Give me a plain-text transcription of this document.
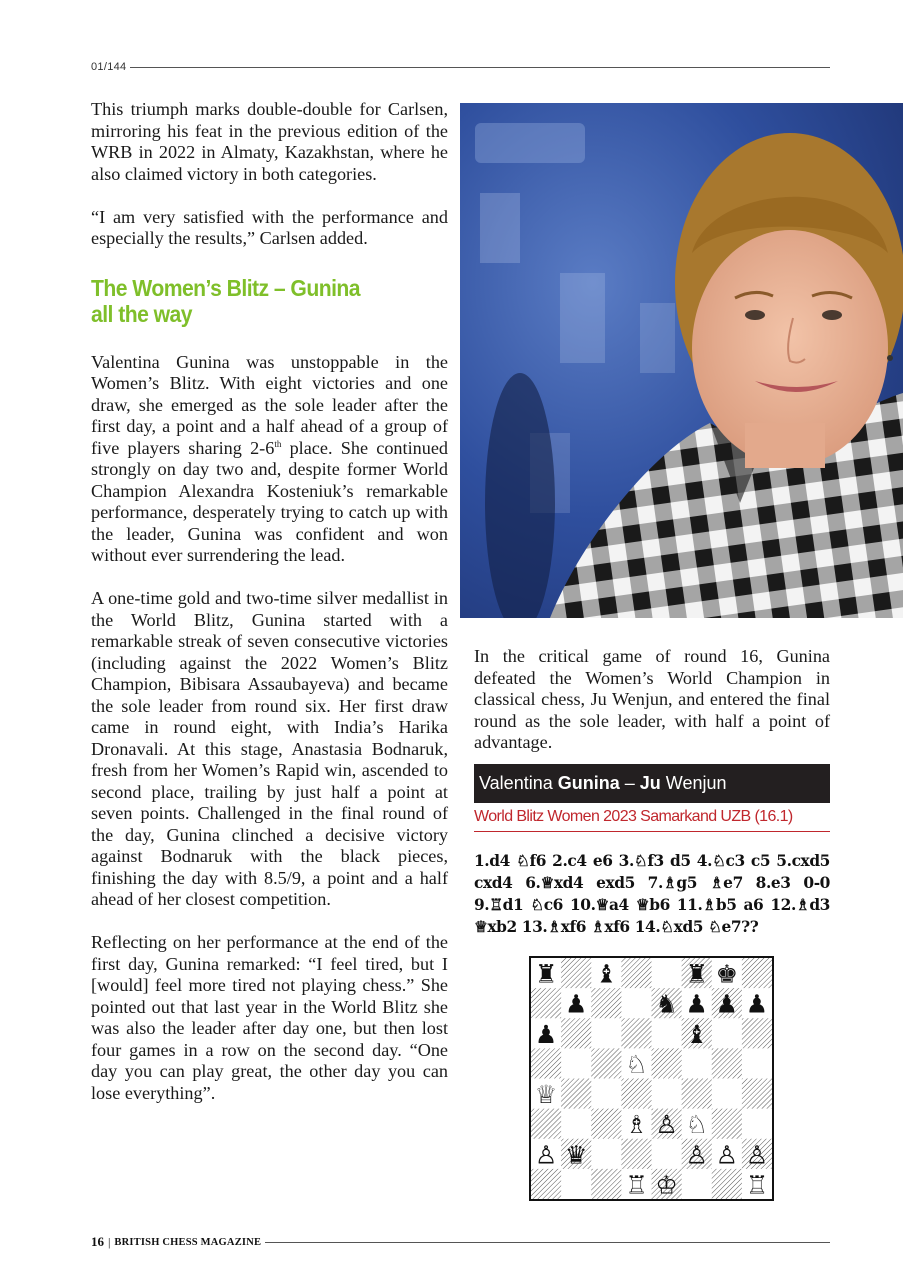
01/144

This triumph marks double-double for Carlsen, mirroring his feat in the previous edition of the WRB in 2022 in Almaty, Kazakhstan, where he also claimed victory in both categories.

“I am very satisfied with the performance and especially the results,” Carlsen added.

The Women’s Blitz – Gunina
all the way

Valentina Gunina was unstoppable in the Women’s Blitz. With eight victories and one draw, she emerged as the sole leader after the first day, a point and a half ahead of a group of five players sharing 2-6th place. She continued strongly on day two and, despite former World Champion Alexandra Kosteniuk’s remarkable performance, desperately trying to catch up with the leader, Gunina was confident and won without ever surrendering the lead.

A one-time gold and two-time silver medallist in the World Blitz, Gunina started with a remarkable streak of seven consecutive victories (including against the 2022 Women’s Blitz Champion, Bibisara Assaubayeva) and became the sole leader from round six. Her first draw came in round eight, with India’s Harika Dronavali. At this stage, Anastasia Bodnaruk, fresh from her Women’s Rapid win, ascended to second place, trailing by just half a point at seven points. Challenged in the final round of the day, Gunina clinched a decisive victory against Bodnaruk with the black pieces, finishing the day with 8.5/9, a point and a half ahead of her closest competition.

Reflecting on her performance at the end of the first day, Gunina remarked: “I feel tired, but I [would] feel more tired not playing chess.” She pointed out that last year in the World Blitz she was also the leader after day one, but then lost four games in a row on the second day. “One day you can play great, the other day you can lose everything”.

In the critical game of round 16, Gunina defeated the Women’s World Champion in classical chess, Ju Wenjun, and entered the final round as the sole leader, with half a point of advantage.

Valentina Gunina – Ju Wenjun
World Blitz Women 2023 Samarkand UZB (16.1)
1.d4 ♘f6 2.c4 e6 3.♘f3 d5 4.♘c3 c5 5.cxd5 cxd4 6.♕xd4 exd5 7.♗g5 ♗e7 8.e3 0-0 9.♖d1 ♘c6 10.♕a4 ♕b6 11.♗b5 a6 12.♗d3 ♕xb2 13.♗xf6 ♗xf6 14.♘xd5 ♘e7??
♜ ♝	♜ ♚
♟	♞ ♟ ♟ ♟
♟	♝
♘
♕
♗ ♙ ♘
♙ ♛	♙ ♙ ♙
♖ ♔	♖
16 | BRITISH CHESS MAGAZINE
